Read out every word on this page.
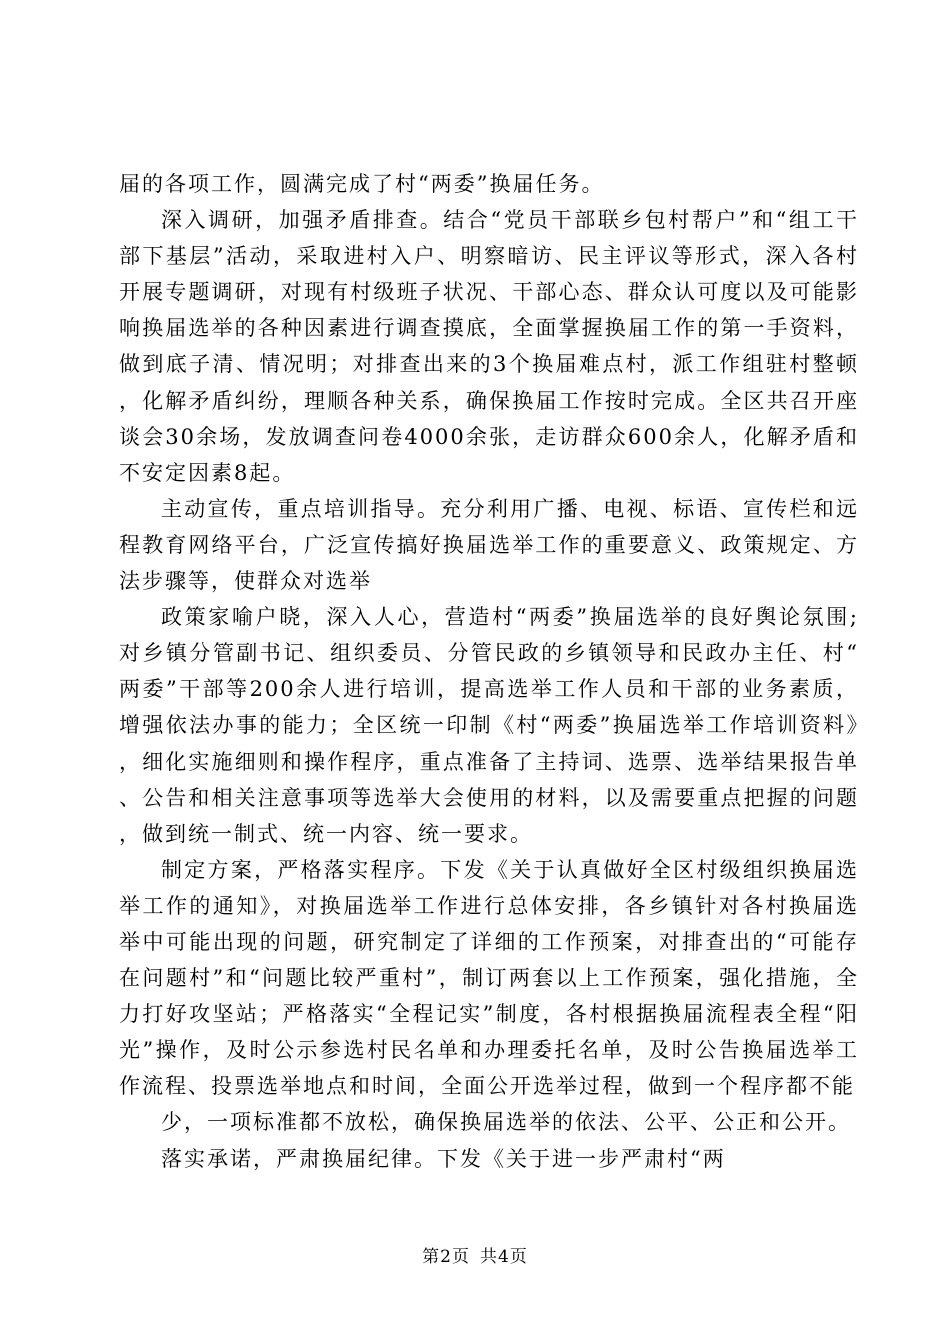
届的各项工作，圆满完成了村“两委”换届任务。

深入调研，加强矛盾排查。结合“党员干部联乡包村帮户”和“组工干部下基层”活动，采取进村入户、明察暗访、民主评议等形式，深入各村开展专题调研，对现有村级班子状况、干部心态、群众认可度以及可能影响换届选举的各种因素进行调查摸底，全面掌握换届工作的第一手资料，做到底子清、情况明；对排查出来的3个换届难点村，派工作组驻村整顿，化解矛盾纠纷，理顺各种关系，确保换届工作按时完成。全区共召开座谈会30余场，发放调查问卷4000余张，走访群众600余人，化解矛盾和不安定因素8起。

主动宣传，重点培训指导。充分利用广播、电视、标语、宣传栏和远程教育网络平台，广泛宣传搞好换届选举工作的重要意义、政策规定、方法步骤等，使群众对选举

政策家喻户晓，深入人心，营造村“两委”换届选举的良好舆论氛围;对乡镇分管副书记、组织委员、分管民政的乡镇领导和民政办主任、村“两委”干部等200余人进行培训，提高选举工作人员和干部的业务素质，增强依法办事的能力；全区统一印制《村“两委”换届选举工作培训资料》，细化实施细则和操作程序，重点准备了主持词、选票、选举结果报告单、公告和相关注意事项等选举大会使用的材料，以及需要重点把握的问题，做到统一制式、统一内容、统一要求。

制定方案，严格落实程序。下发《关于认真做好全区村级组织换届选举工作的通知》，对换届选举工作进行总体安排，各乡镇针对各村换届选举中可能出现的问题，研究制定了详细的工作预案，对排查出的“可能存在问题村”和“问题比较严重村”，制订两套以上工作预案，强化措施，全力打好攻坚站；严格落实“全程记实”制度，各村根据换届流程表全程“阳光”操作，及时公示参选村民名单和办理委托名单，及时公告换届选举工作流程、投票选举地点和时间，全面公开选举过程，做到一个程序都不能

少，一项标准都不放松，确保换届选举的依法、公平、公正和公开。

落实承诺，严肃换届纪律。下发《关于进一步严肃村“两

第2页 共4页
